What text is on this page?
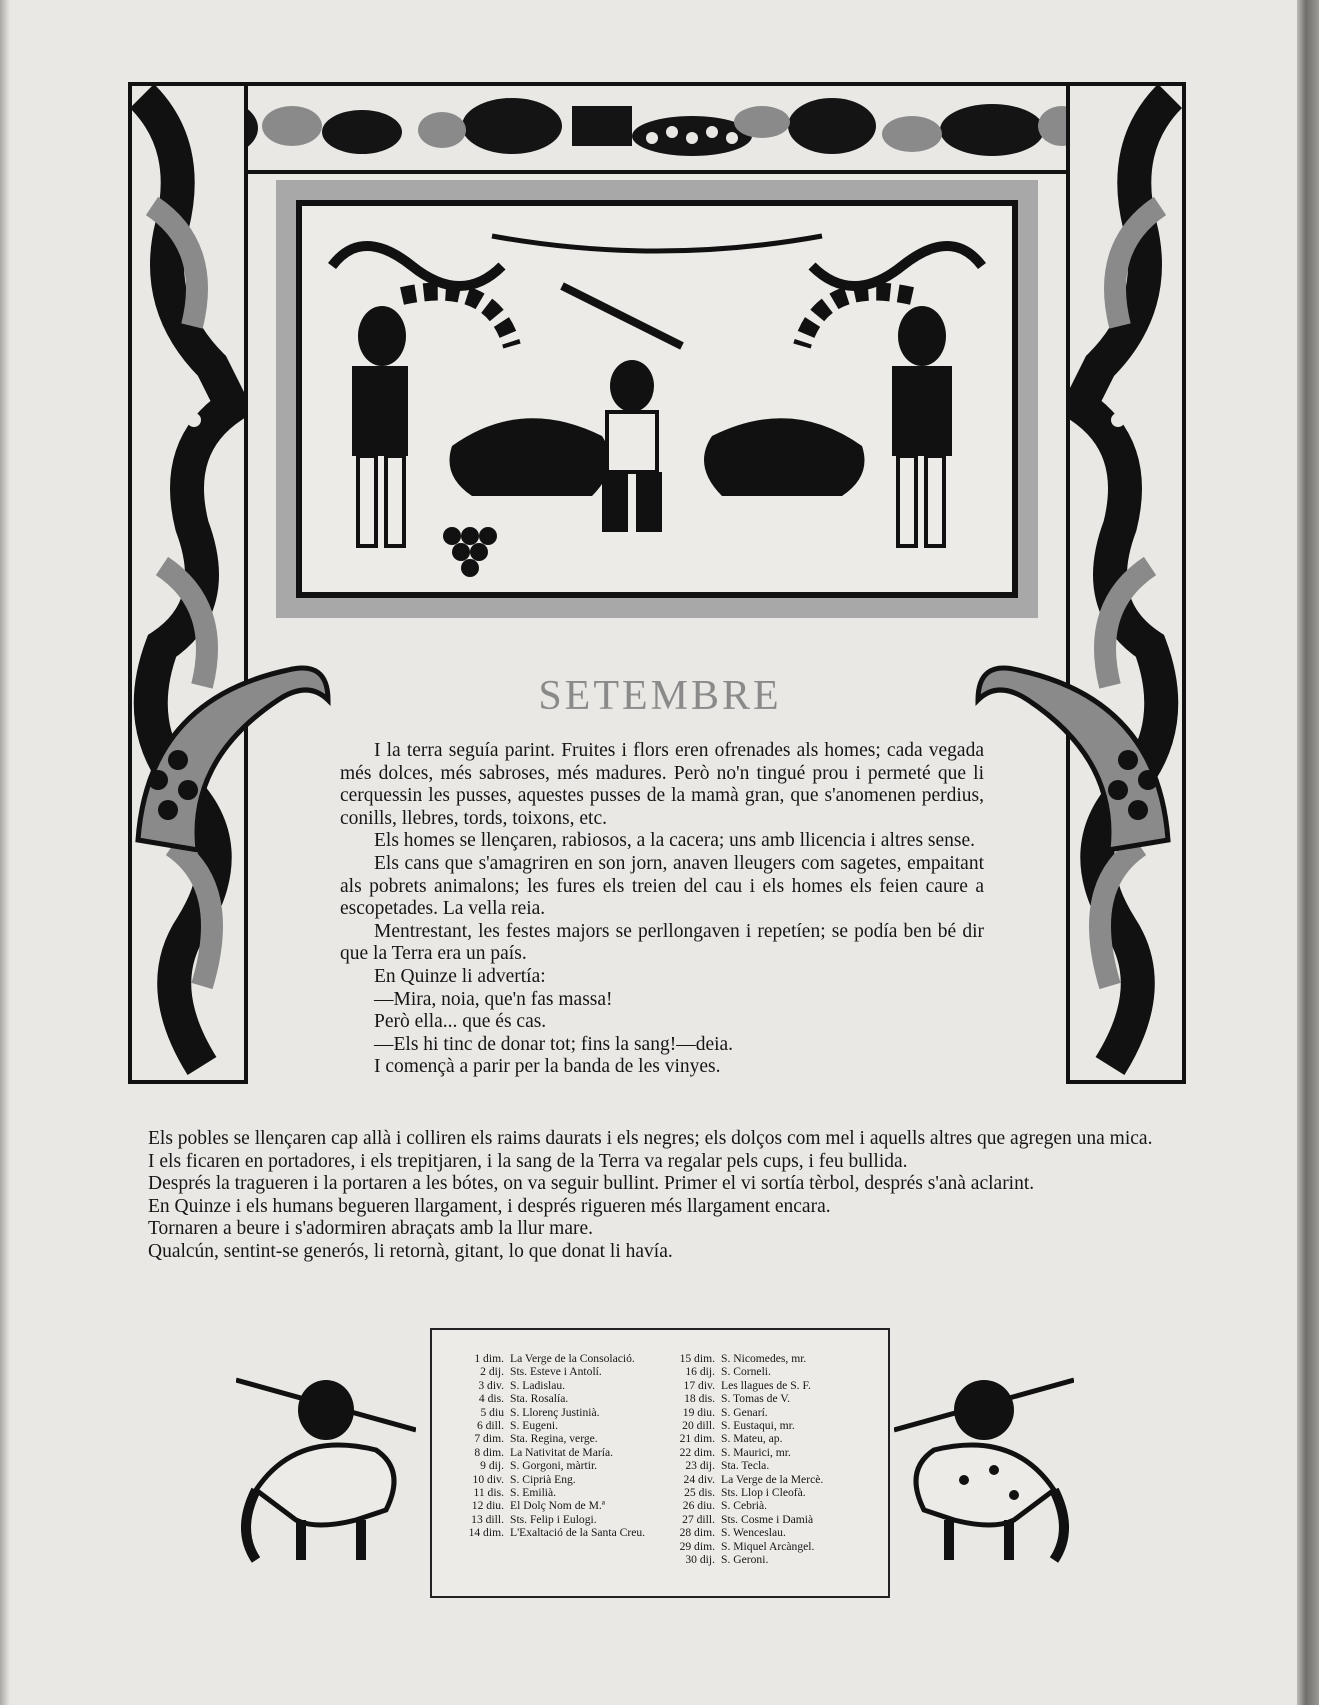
SETEMBRE

I la terra seguía parint. Fruites i flors eren ofrenades als homes; cada vegada més dolces, més sabroses, més madures. Però no'n tingué prou i permeté que li cerquessin les pusses, aquestes pusses de la mamà gran, que s'anomenen perdius, conills, llebres, tords, toixons, etc.

Els homes se llençaren, rabiosos, a la cacera; uns amb llicencia i altres sense.

Els cans que s'amagriren en son jorn, anaven lleugers com sagetes, empaitant als pobrets animalons; les fures els treien del cau i els homes els feien caure a escopetades. La vella reia.

Mentrestant, les festes majors se perllongaven i repetíen; se podía ben bé dir que la Terra era un país.

En Quinze li advertía:

—Mira, noia, que'n fas massa!

Però ella... que és cas.

—Els hi tinc de donar tot; fins la sang!—deia.

I començà a parir per la banda de les vinyes.

Els pobles se llençaren cap allà i colliren els raims daurats i els negres; els dolços com mel i aquells altres que agregen una mica.

I els ficaren en portadores, i els trepitjaren, i la sang de la Terra va regalar pels cups, i feu bullida.

Després la tragueren i la portaren a les bótes, on va seguir bullint. Primer el vi sortía tèrbol, després s'anà aclarint.

En Quinze i els humans begueren llargament, i després rigueren més llargament encara.

Tornaren a beure i s'adormiren abraçats amb la llur mare.

Qualcún, sentint-se generós, li retornà, gitant, lo que donat li havía.

1 dim. La Verge de la Consolació.
2 dij. Sts. Esteve i Antolí.
3 div. S. Ladislau.
4 dis. Sta. Rosalía.
5 diu S. Llorenç Justinià.
6 dill. S. Eugeni.
7 dim. Sta. Regina, verge.
8 dim. La Nativitat de María.
9 dij. S. Gorgoni, màrtir.
10 div. S. Ciprià Eng.
11 dis. S. Emilià.
12 diu. El Dolç Nom de M.ª
13 dill. Sts. Felip i Eulogi.
14 dim. L'Exaltació de la Santa Creu.
15 dim. S. Nicomedes, mr.
16 dij. S. Corneli.
17 div. Les llagues de S. F.
18 dis. S. Tomas de V.
19 diu. S. Genarí.
20 dill. S. Eustaqui, mr.
21 dim. S. Mateu, ap.
22 dim. S. Maurici, mr.
23 dij. Sta. Tecla.
24 div. La Verge de la Mercè.
25 dis. Sts. Llop i Cleofà.
26 diu. S. Cebrià.
27 dill. Sts. Cosme i Damià
28 dim. S. Wenceslau.
29 dim. S. Miquel Arcàngel.
30 dij. S. Geroni.
